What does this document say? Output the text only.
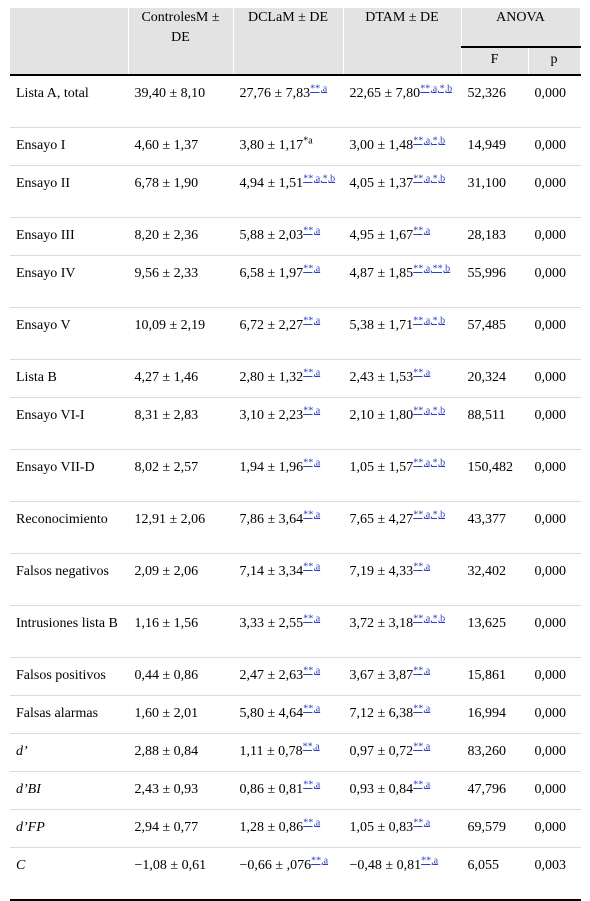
	ControlesM ± DE	DCLaM ± DE	DTAM ± DE	ANOVA	
				F	p
Lista A, total	39,40 ± 8,10	$27,76 \pm 7,83^{**,a}$	$22,65 \pm 7,80^{**,a,*,b}$	52,326	0,000
Ensayo I	4,60 ± 1,37	$3,80 \pm 1,17^{*a}$	$3,00 \pm 1,48^{**,a,*,b}$	14,949	0,000
Ensayo II	6,78 ± 1,90	$4,94 \pm 1,51^{**,a,*,b}$	$4,05 \pm 1,37^{**,a,*,b}$	31,100	0,000
Ensayo III	8,20 ± 2,36	$5,88 \pm 2,03^{**,a}$	$4,95 \pm 1,67^{**,a}$	28,183	0,000
Ensayo IV	9,56 ± 2,33	$6,58 \pm 1,97^{**,a}$	$4,87 \pm 1,85^{**,a,**,b}$	55,996	0,000
Ensayo V	10,09 ± 2,19	$6,72 \pm 2,27^{**,a}$	$5,38 \pm 1,71^{**,a,*,b}$	57,485	0,000
Lista B	4,27 ± 1,46	$2,80 \pm 1,32^{**,a}$	$2,43 \pm 1,53^{**,a}$	20,324	0,000
Ensayo VI-I	8,31 ± 2,83	$3,10 \pm 2,23^{**,a}$	$2,10 \pm 1,80^{**,a,*,b}$	88,511	0,000
Ensayo VII-D	8,02 ± 2,57	$1,94 \pm 1,96^{**,a}$	$1,05 \pm 1,57^{**,a,*,b}$	150,482	0,000
Reconocimiento	12,91 ± 2,06	$7,86 \pm 3,64^{**,a}$	$7,65 \pm 4,27^{**,a,*,b}$	43,377	0,000
Falsos negativos	2,09 ± 2,06	$7,14 \pm 3,34^{**,a}$	$7,19 \pm 4,33^{**,a}$	32,402	0,000
Intrusiones lista B	1,16 ± 1,56	$3,33 \pm 2,55^{**,a}$	$3,72 \pm 3,18^{**,a,*,b}$	13,625	0,000
Falsos positivos	0,44 ± 0,86	$2,47 \pm 2,63^{**,a}$	$3,67 \pm 3,87^{**,a}$	15,861	0,000
Falsas alarmas	1,60 ± 2,01	$5,80 \pm 4,64^{**,a}$	$7,12 \pm 6,38^{**,a}$	16,994	0,000
d’	2,88 ± 0,84	$1,11 \pm 0,78^{**,a}$	$0,97 \pm 0,72^{**,a}$	83,260	0,000
d’BI	2,43 ± 0,93	$0,86 \pm 0,81^{**,a}$	$0,93 \pm 0,84^{**,a}$	47,796	0,000
d’FP	2,94 ± 0,77	$1,28 \pm 0,86^{**,a}$	$1,05 \pm 0,83^{**,a}$	69,579	0,000
C	−1,08 ± 0,61	$-0,66 \pm ,076^{**,a}$	$-0,48 \pm 0,81^{**,a}$	6,055	0,003
